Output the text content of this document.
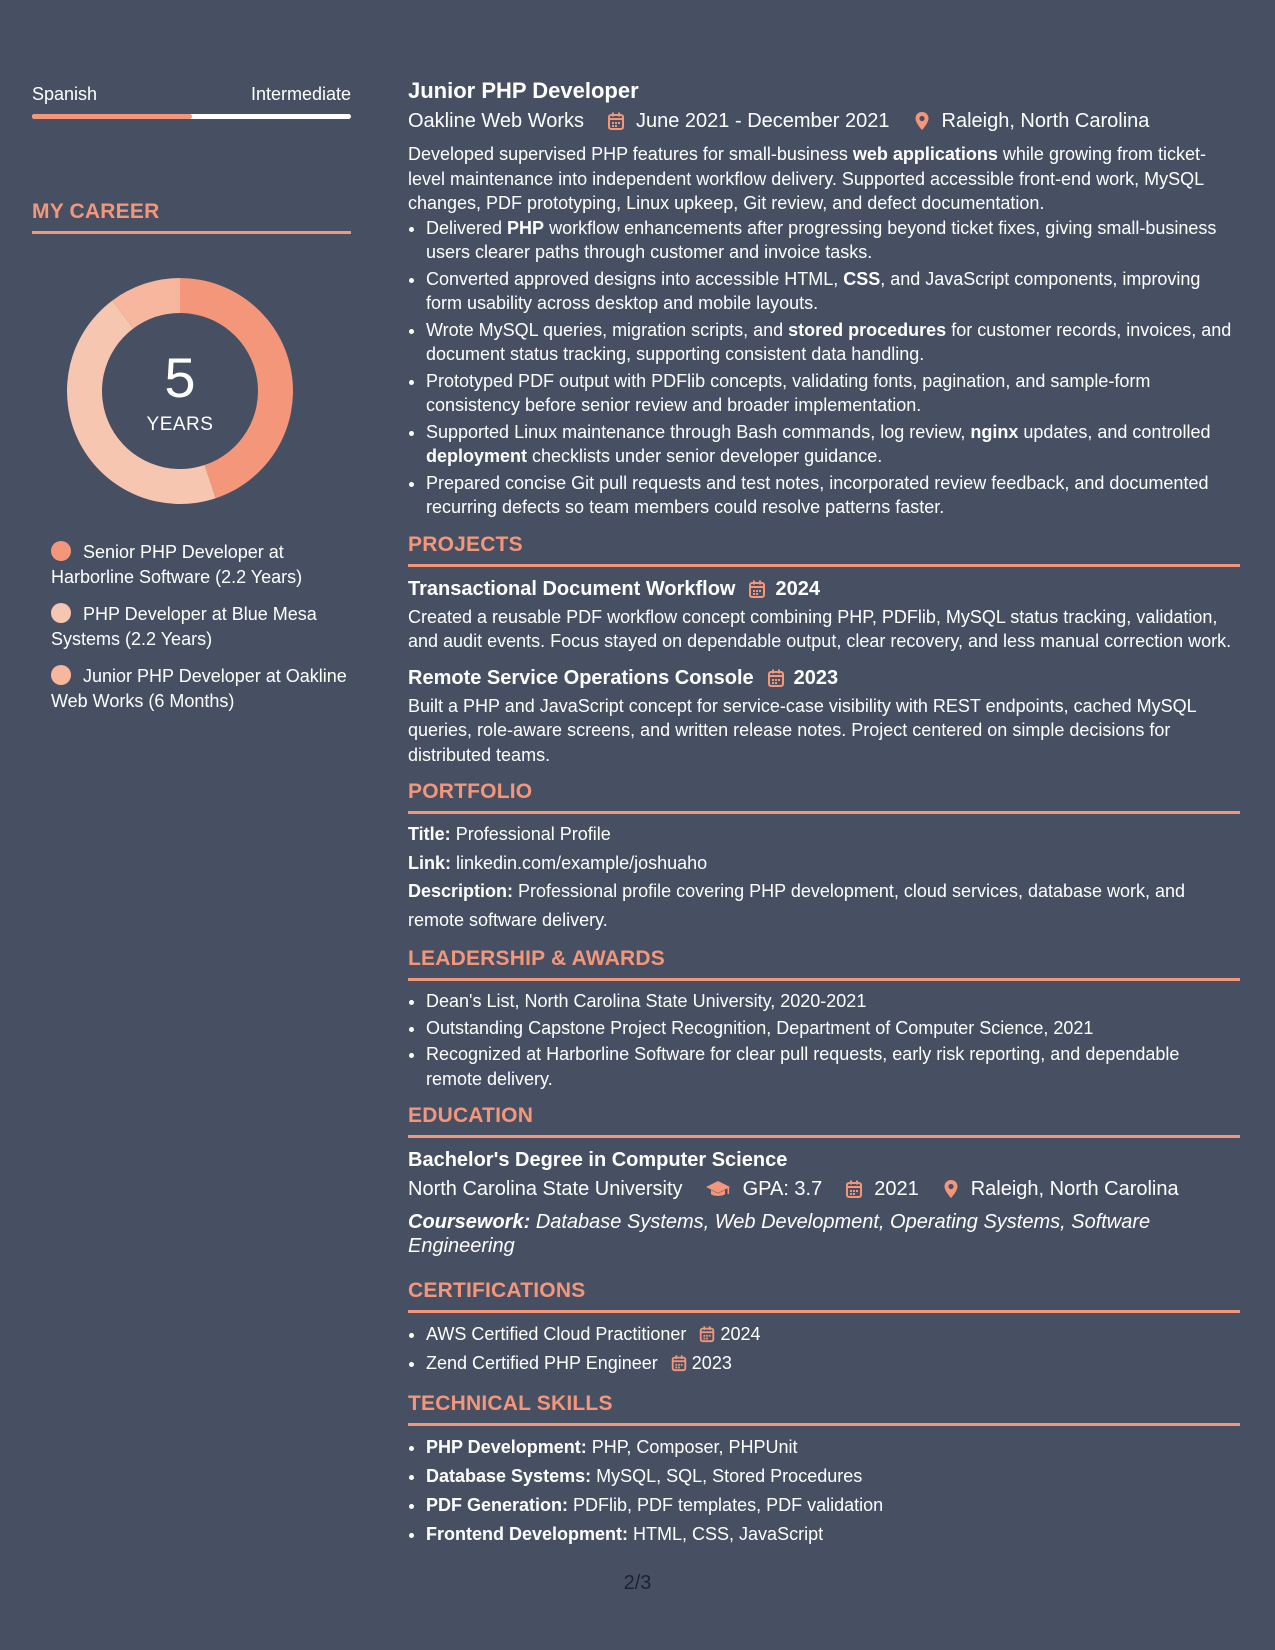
Spanish	Intermediate
MY CAREER
5
YEARS
Senior PHP Developer at Harborline Software (2.2 Years)
PHP Developer at Blue Mesa Systems (2.2 Years)
Junior PHP Developer at Oakline Web Works (6 Months)
Junior PHP Developer
Oakline Web Works	June 2021 - December 2021	Raleigh, North Carolina

Developed supervised PHP features for small-business web applications while growing from ticket-level maintenance into independent workflow delivery. Supported accessible front-end work, MySQL changes, PDF prototyping, Linux upkeep, Git review, and defect documentation.

• Delivered PHP workflow enhancements after progressing beyond ticket fixes, giving small-business users clearer paths through customer and invoice tasks.
• Converted approved designs into accessible HTML, CSS, and JavaScript components, improving form usability across desktop and mobile layouts.
• Wrote MySQL queries, migration scripts, and stored procedures for customer records, invoices, and document status tracking, supporting consistent data handling.
• Prototyped PDF output with PDFlib concepts, validating fonts, pagination, and sample-form consistency before senior review and broader implementation.
• Supported Linux maintenance through Bash commands, log review, nginx updates, and controlled deployment checklists under senior developer guidance.
• Prepared concise Git pull requests and test notes, incorporated review feedback, and documented recurring defects so team members could resolve patterns faster.
PROJECTS
Transactional Document Workflow 2024

Created a reusable PDF workflow concept combining PHP, PDFlib, MySQL status tracking, validation, and audit events. Focus stayed on dependable output, clear recovery, and less manual correction work.

Remote Service Operations Console 2023

Built a PHP and JavaScript concept for service-case visibility with REST endpoints, cached MySQL queries, role-aware screens, and written release notes. Project centered on simple decisions for distributed teams.

PORTFOLIO
Title: Professional Profile
Link: linkedin.com/example/joshuaho
Description: Professional profile covering PHP development, cloud services, database work, and remote software delivery.
LEADERSHIP & AWARDS
• Dean's List, North Carolina State University, 2020-2021
• Outstanding Capstone Project Recognition, Department of Computer Science, 2021
• Recognized at Harborline Software for clear pull requests, early risk reporting, and dependable remote delivery.
EDUCATION
Bachelor's Degree in Computer Science
North Carolina State University	GPA: 3.7	2021	Raleigh, North Carolina
Coursework: Database Systems, Web Development, Operating Systems, Software Engineering
CERTIFICATIONS
• AWS Certified Cloud Practitioner 2024
• Zend Certified PHP Engineer 2023
TECHNICAL SKILLS
• PHP Development: PHP, Composer, PHPUnit
• Database Systems: MySQL, SQL, Stored Procedures
• PDF Generation: PDFlib, PDF templates, PDF validation
• Frontend Development: HTML, CSS, JavaScript
2/3
